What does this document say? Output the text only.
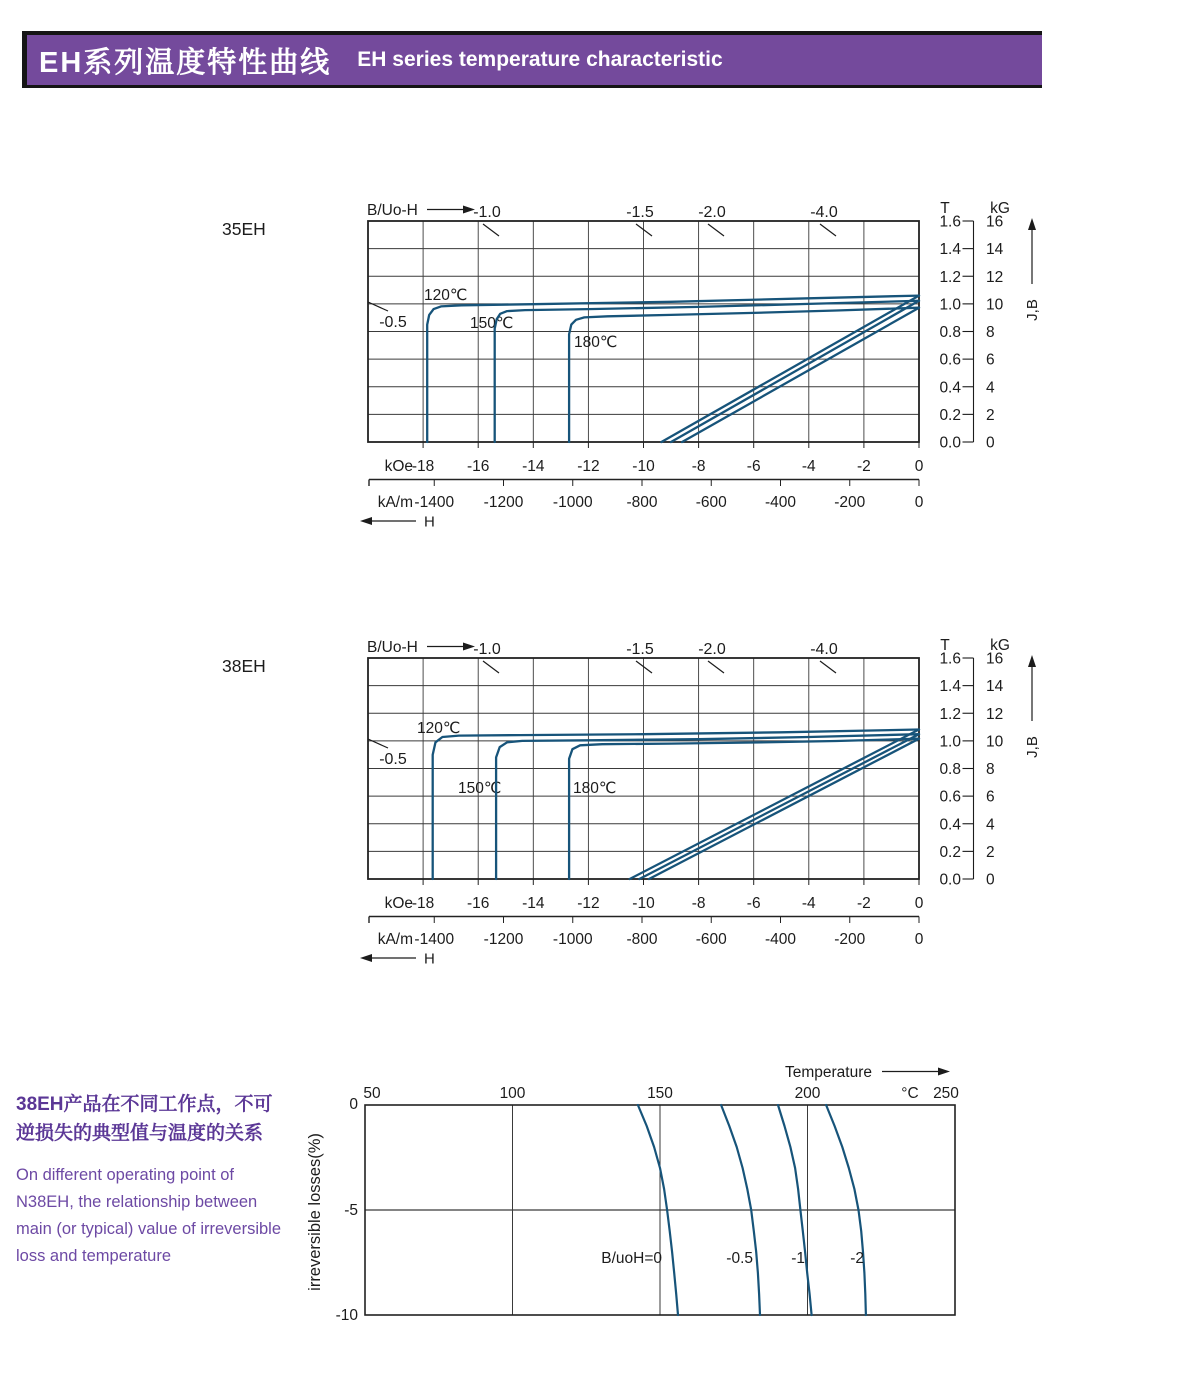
EH系列温度特性曲线 EH series temperature characteristic
35EH
B/Uo-H
-0.5
-1.0	-1.5	-2.0	-4.0
120℃
150℃
180℃
-18 -16 -14 -12 -10 -8	-6	-4	-2	0
kOe
-1400 -1200 -1000 -800 -600 -400 -200	0
kA/m
H
T	kG
1.6 16
1.4 14
1.2 12
1.0 10
0.8 8
0.6 6
0.4 4
0.2 2
0.0 0
J,B
38EH
B/Uo-H
-0.5
-1.0	-1.5	-2.0	-4.0
120℃
150℃	180℃
-18 -16 -14 -12 -10 -8	-6	-4	-2	0
kOe
-1400 -1200 -1000 -800 -600 -400 -200	0
kA/m
H
T	kG
1.6 16
1.4 14
1.2 12
1.0 10
0.8 8
0.6 6
0.4 4
0.2 2
0.0 0
J,B
50	100	150	200	250
°C
Temperature
0
-5
-10
irreversible losses(%)	B/uoH=0	-0.5 -1	-2
38EH产品在不同工作点，不可
逆损失的典型值与温度的关系
On different operating point of
N38EH, the relationship between
main (or typical) value of irreversible
loss and temperature
